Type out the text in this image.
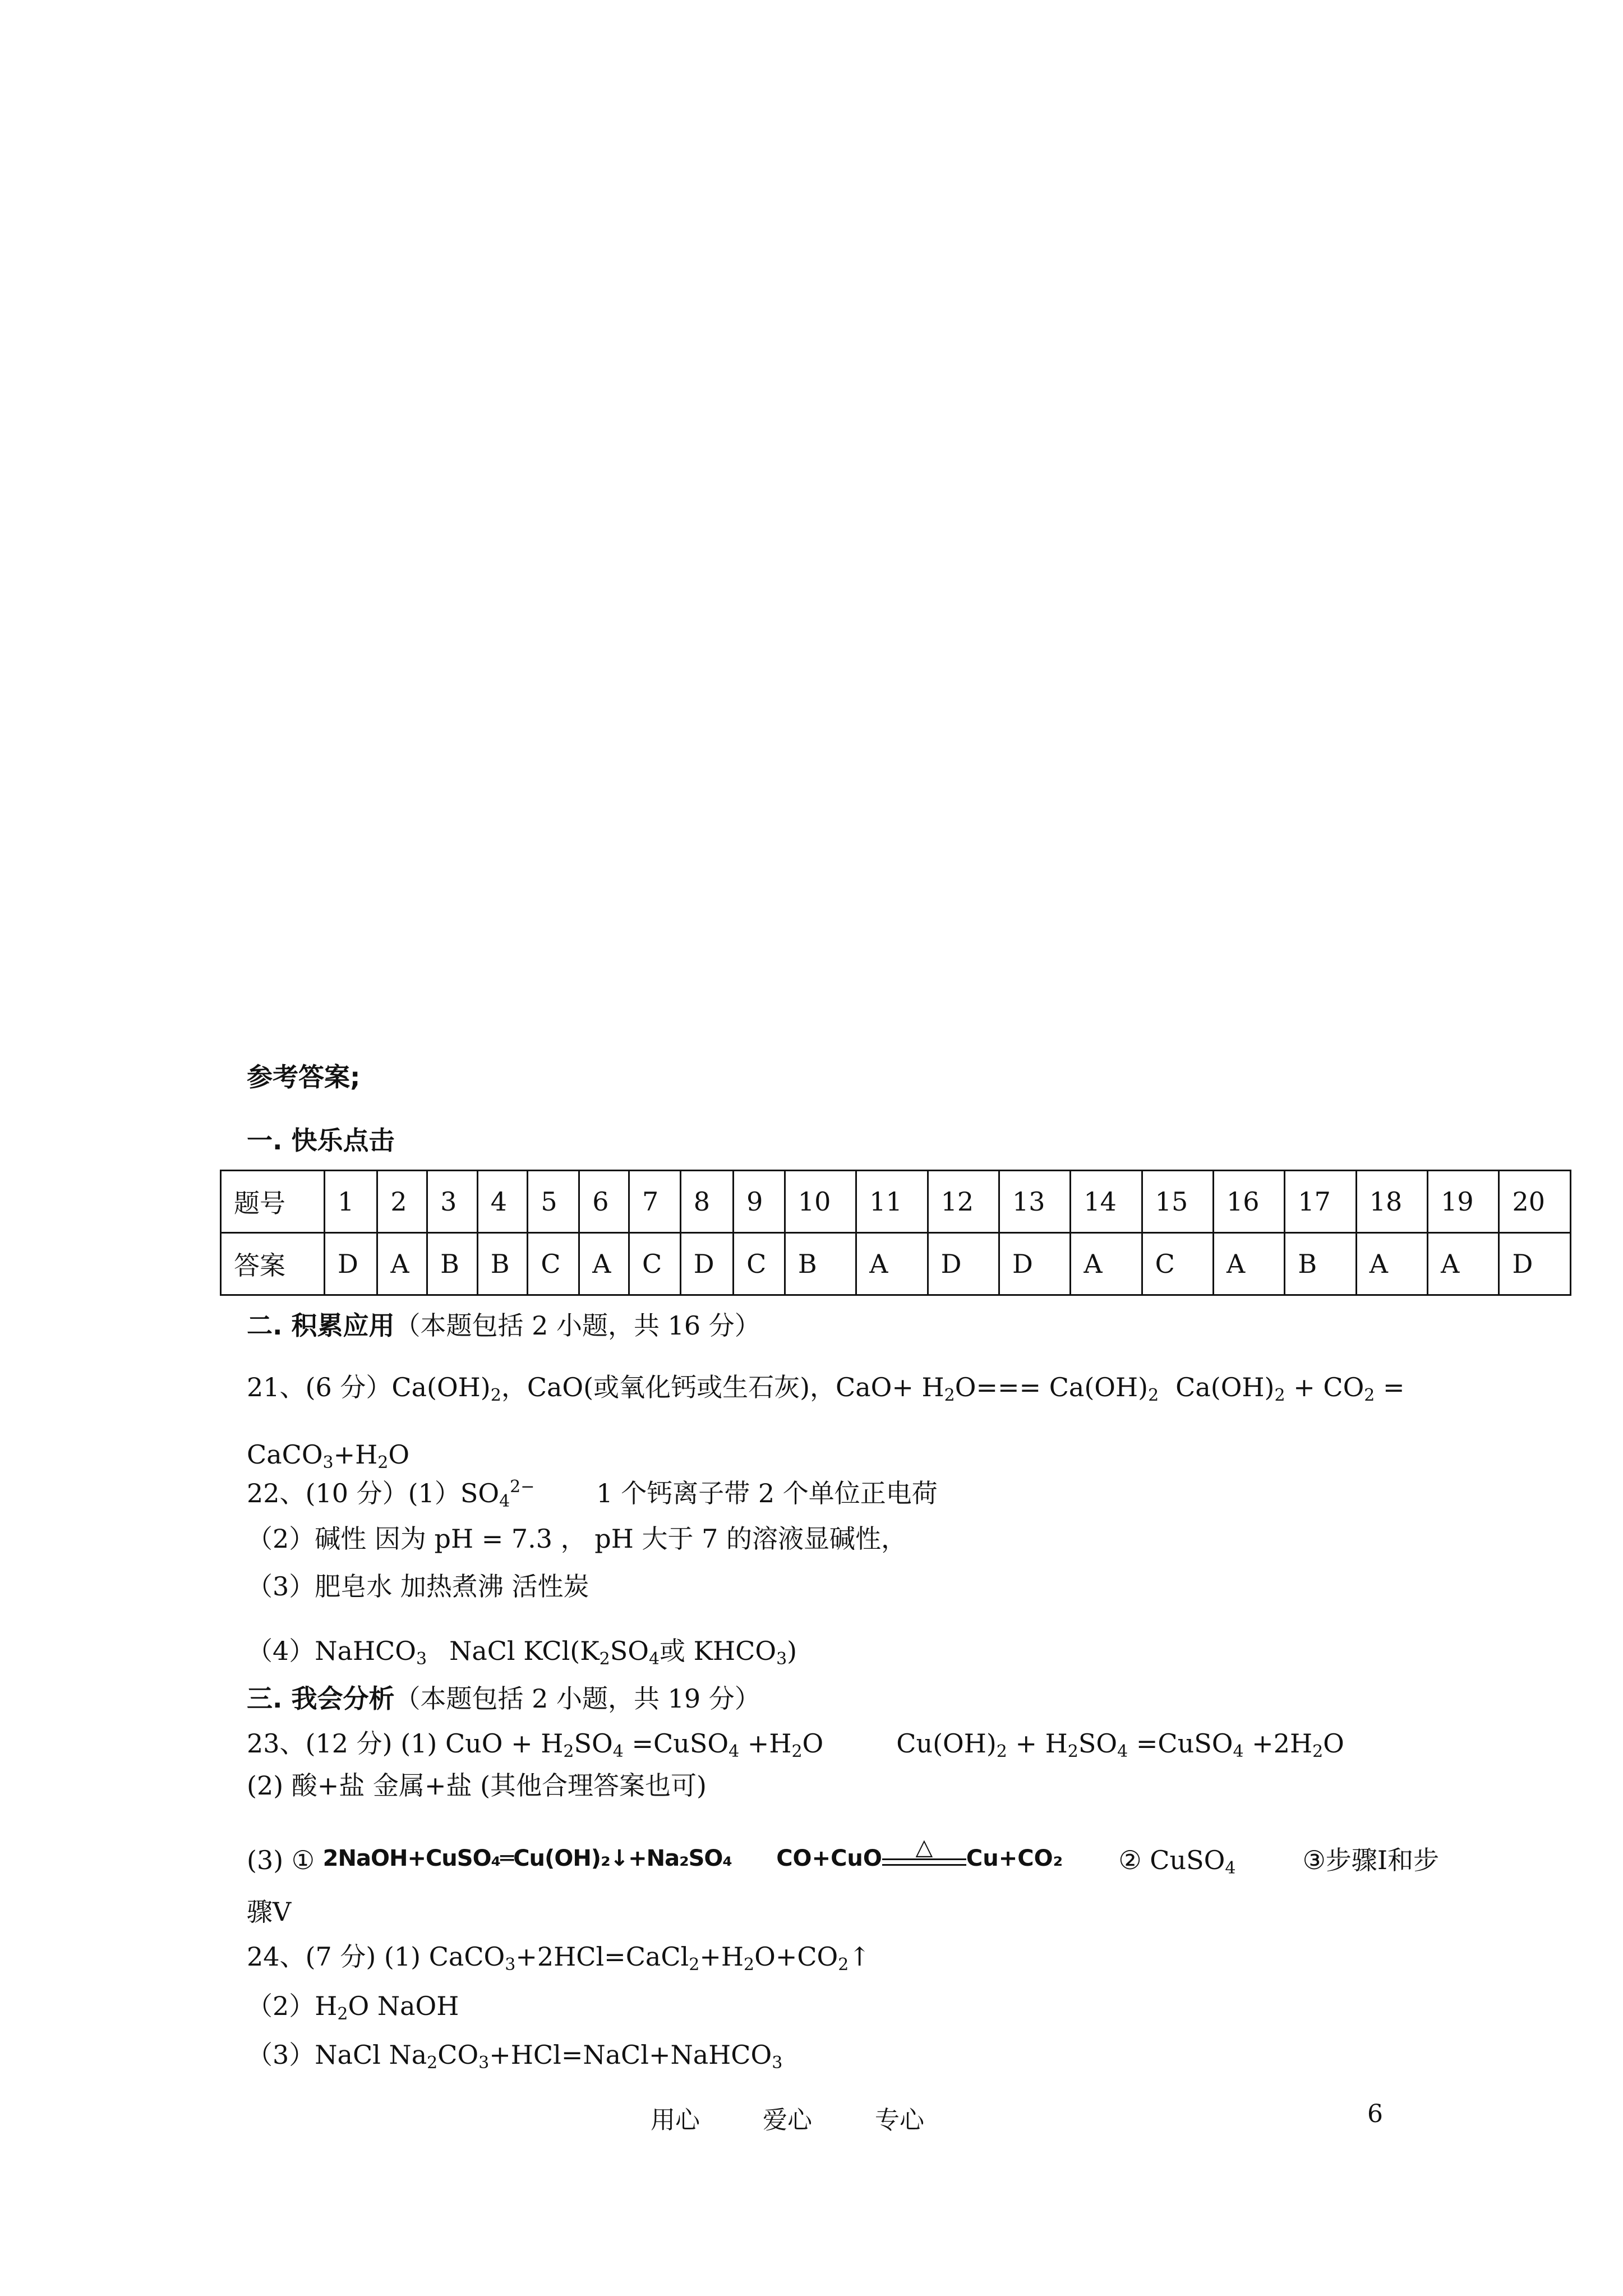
参考答案;
一. 快乐点击
题号	1	2	3	4	5	6	7	8	9	10	11	12	13	14	15	16	17	18	19	20
答案	D	A	B	B	C	A	C	D	C	B	A	D	D	A	C	A	B	A	A	D
二. 积累应用（本题包括 2 小题，共 16 分）
21、(6 分）$Ca(OH)_2$，CaO(或氧化钙或生石灰)，$CaO+ H_2O=== Ca(OH)_2$ $Ca(OH)_2 + CO_2$ =
$CaCO_3+H_2O$
22、(10 分）$(1)SO_4^{2-}$ 1 个钙离子带 2 个单位正电荷
（2）碱性 因为 pH = 7.3 ， pH 大于 7 的溶液显碱性，
（3）肥皂水 加热煮沸 活性炭
（4）NaHCO$_3$ NaCl $KCl(K_2SO_4$或 $KHCO_3$)
三. 我会分析（本题包括 2 小题，共 19 分）
23、(12 分) (1) CuO + $H_2SO_4$ =CuSO$_4$ $+H_2O$	$Cu(OH)_2 + H_2SO_4$ =CuSO$_4$ $+2H_2O$
(2) 酸+盐 金属+盐 (其他合理答案也可)
(3) ① 2NaOH+CuSO₄═Cu(OH)₂↓+Na₂SO₄ CO+CuO	△	Cu+CO₂ ② CuSO$_4$	③步骤Ⅰ和步
骤Ⅴ
24、(7 分) (1) $CaCO_3+2HCl=CaCl_2+H_2O+CO_2↑$
$(2)H_2O$ NaOH
（3）NaCl $Na_2CO_3+HCl=NaCl+NaHCO_3$
用心	爱心	专心	6
